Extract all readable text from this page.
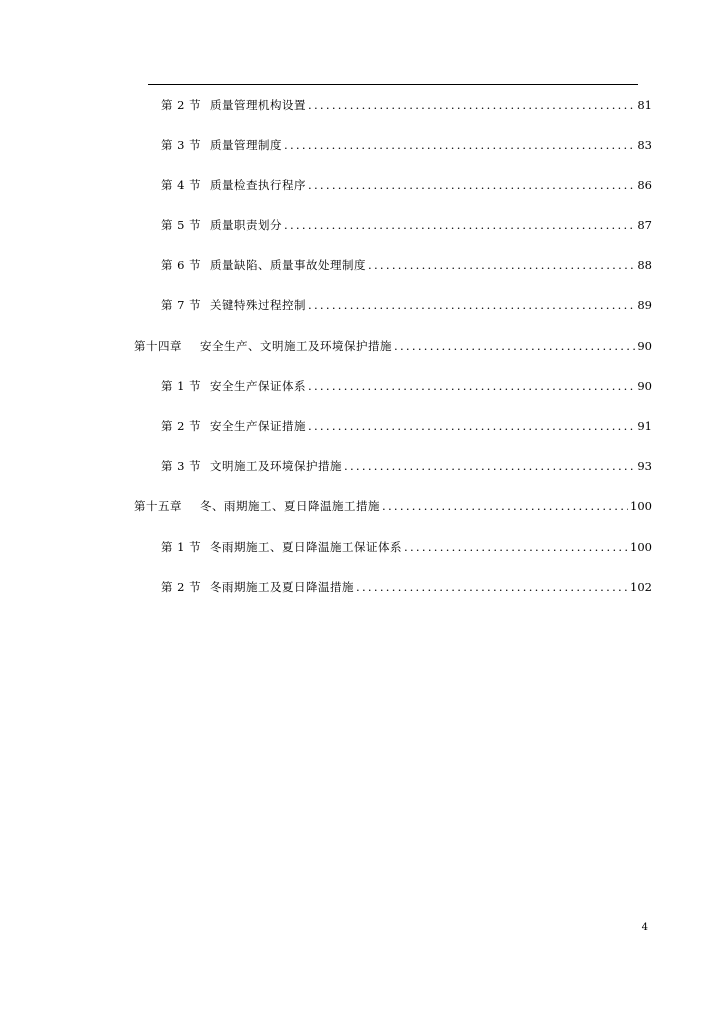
第 2 节 质量管理机构设置 .....	81
第 3 节 质量管理制度 .....	83
第 4 节 质量检查执行程序 .....	86
第 5 节 质量职责划分 .....	87
第 6 节 质量缺陷、质量事故处理制度 .....	88
第 7 节 关键特殊过程控制 .....	89
第十四章	安全生产、文明施工及环境保护措施 .....	90
第 1 节 安全生产保证体系 .....	90
第 2 节 安全生产保证措施 .....	91
第 3 节 文明施工及环境保护措施 .....	93
第十五章	冬、雨期施工、夏日降温施工措施 .....	100
第 1 节 冬雨期施工、夏日降温施工保证体系 .....	100
第 2 节 冬雨期施工及夏日降温措施 .....	102
4
